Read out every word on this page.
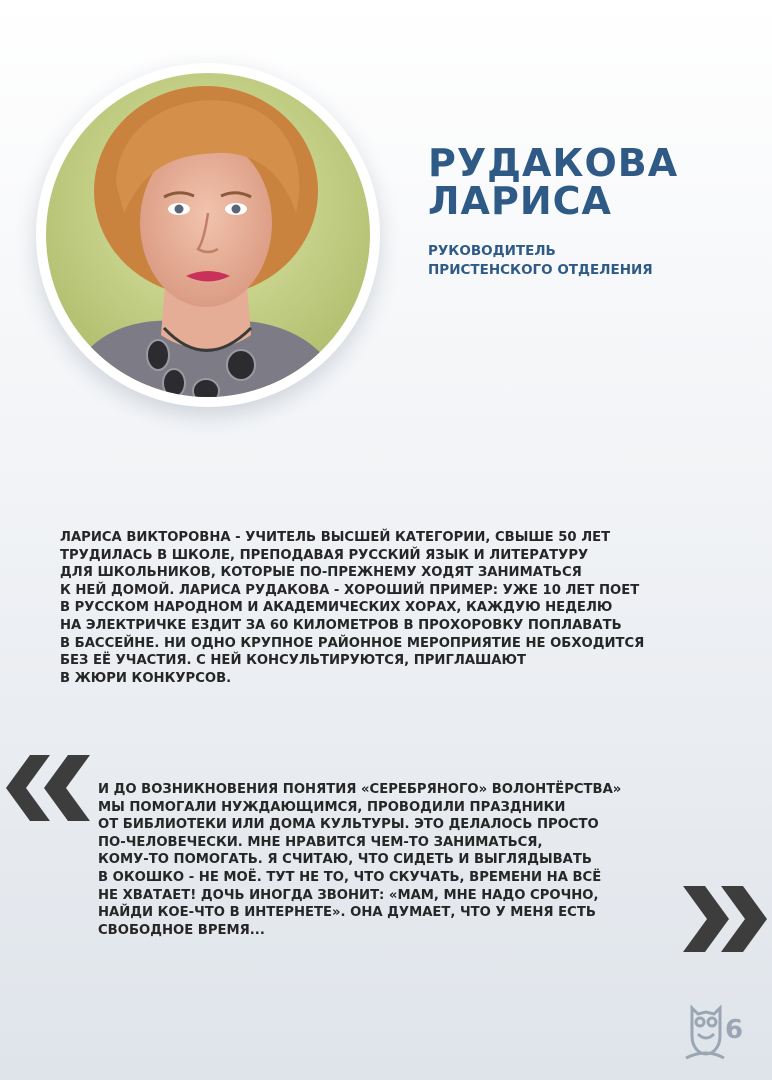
РУДАКОВА
ЛАРИСА
РУКОВОДИТЕЛЬ
ПРИСТЕНСКОГО ОТДЕЛЕНИЯ
ЛАРИСА ВИКТОРОВНА - УЧИТЕЛЬ ВЫСШЕЙ КАТЕГОРИИ, СВЫШЕ 50 ЛЕТ
ТРУДИЛАСЬ В ШКОЛЕ, ПРЕПОДАВАЯ РУССКИЙ ЯЗЫК И ЛИТЕРАТУРУ
ДЛЯ ШКОЛЬНИКОВ, КОТОРЫЕ ПО-ПРЕЖНЕМУ ХОДЯТ ЗАНИМАТЬСЯ
К НЕЙ ДОМОЙ. ЛАРИСА РУДАКОВА - ХОРОШИЙ ПРИМЕР: УЖЕ 10 ЛЕТ ПОЕТ
В РУССКОМ НАРОДНОМ И АКАДЕМИЧЕСКИХ ХОРАХ, КАЖДУЮ НЕДЕЛЮ
НА ЭЛЕКТРИЧКЕ ЕЗДИТ ЗА 60 КИЛОМЕТРОВ В ПРОХОРОВКУ ПОПЛАВАТЬ
В БАССЕЙНЕ. НИ ОДНО КРУПНОЕ РАЙОННОЕ МЕРОПРИЯТИЕ НЕ ОБХОДИТСЯ
БЕЗ ЕЁ УЧАСТИЯ. С НЕЙ КОНСУЛЬТИРУЮТСЯ, ПРИГЛАШАЮТ
В ЖЮРИ КОНКУРСОВ.
И ДО ВОЗНИКНОВЕНИЯ ПОНЯТИЯ «СЕРЕБРЯНОГО» ВОЛОНТЁРСТВА»
МЫ ПОМОГАЛИ НУЖДАЮЩИМСЯ, ПРОВОДИЛИ ПРАЗДНИКИ
ОТ БИБЛИОТЕКИ ИЛИ ДОМА КУЛЬТУРЫ. ЭТО ДЕЛАЛОСЬ ПРОСТО
ПО-ЧЕЛОВЕЧЕСКИ. МНЕ НРАВИТСЯ ЧЕМ-ТО ЗАНИМАТЬСЯ,
КОМУ-ТО ПОМОГАТЬ. Я СЧИТАЮ, ЧТО СИДЕТЬ И ВЫГЛЯДЫВАТЬ
В ОКОШКО - НЕ МОЁ. ТУТ НЕ ТО, ЧТО СКУЧАТЬ, ВРЕМЕНИ НА ВСЁ
НЕ ХВАТАЕТ! ДОЧЬ ИНОГДА ЗВОНИТ: «МАМ, МНЕ НАДО СРОЧНО,
НАЙДИ КОЕ-ЧТО В ИНТЕРНЕТЕ». ОНА ДУМАЕТ, ЧТО У МЕНЯ ЕСТЬ
СВОБОДНОЕ ВРЕМЯ...
6
